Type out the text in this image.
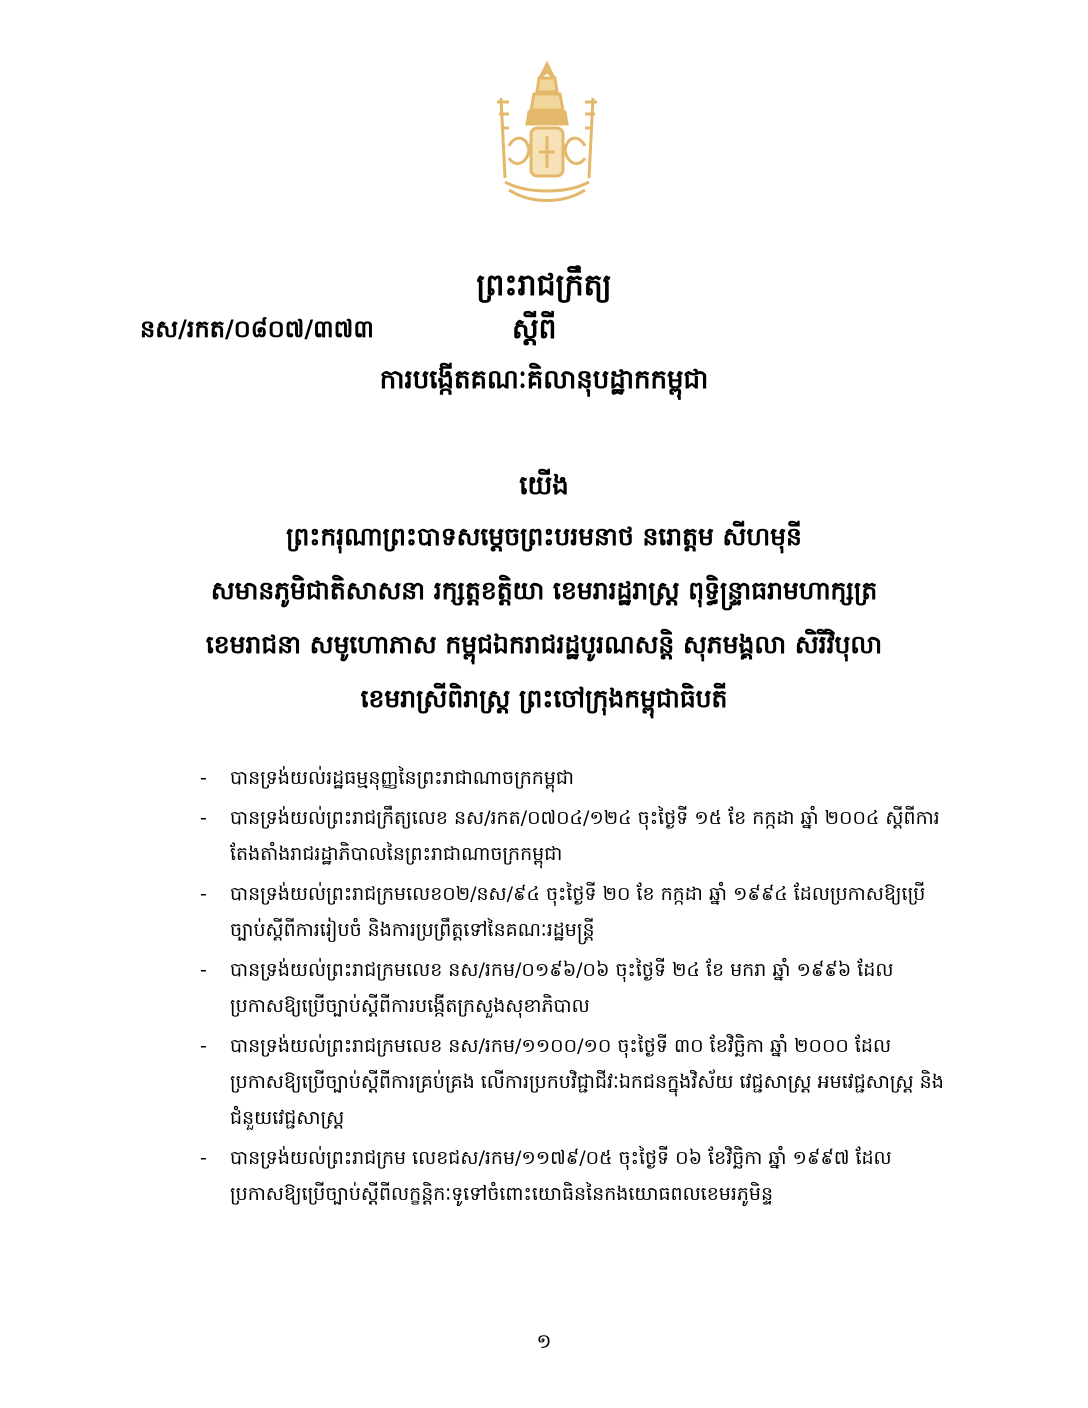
ព្រះរាជក្រឹត្យ
នស/រកត/០៨០៧/៣៧៣	ស្តីពី
ការបង្កើតគណៈគិលានុបដ្ឋាកកម្ពុជា
យើង
ព្រះករុណាព្រះបាទសម្តេចព្រះបរមនាថ នរោត្តម សីហមុនី
សមានភូមិជាតិសាសនា រក្សត្តខត្តិយា ខេមរារដ្ឋរាស្ត្រ ពុទ្ធិន្ទ្រាធរាមហាក្សត្រ
ខេមរាជនា សមូហោភាស កម្ពុជឯករាជរដ្ឋបូរណសន្តិ សុភមង្គលា សិរីវិបុលា
ខេមរាស្រីពិរាស្ត្រ ព្រះចៅក្រុងកម្ពុជាធិបតី
-	បានទ្រង់យល់រដ្ឋធម្មនុញ្ញនៃព្រះរាជាណាចក្រកម្ពុជា
-	បានទ្រង់យល់ព្រះរាជក្រឹត្យលេខ នស/រកត/០៧០៤/១២៤ ចុះថ្ងៃទី ១៥ ខែ កក្កដា ឆ្នាំ ២០០៤ ស្តីពីការតែងតាំងរាជរដ្ឋាភិបាលនៃព្រះរាជាណាចក្រកម្ពុជា
-	បានទ្រង់យល់ព្រះរាជក្រមលេខ០២/នស/៩៤ ចុះថ្ងៃទី ២០ ខែ កក្កដា ឆ្នាំ ១៩៩៤ ដែលប្រកាសឱ្យប្រើច្បាប់ស្តីពីការរៀបចំ និងការប្រព្រឹត្តទៅនៃគណៈរដ្ឋមន្ត្រី
-	បានទ្រង់យល់ព្រះរាជក្រមលេខ នស/រកម/០១៩៦/០៦ ចុះថ្ងៃទី ២៤ ខែ មករា ឆ្នាំ ១៩៩៦ ដែលប្រកាសឱ្យប្រើច្បាប់ស្តីពីការបង្កើតក្រសួងសុខាភិបាល
-	បានទ្រង់យល់ព្រះរាជក្រមលេខ នស/រកម/១១០០/១០ ចុះថ្ងៃទី ៣០ ខែវិច្ឆិកា ឆ្នាំ ២០០០ ដែលប្រកាសឱ្យប្រើច្បាប់ស្តីពីការគ្រប់គ្រង លើការប្រកបវិជ្ជាជីវៈឯកជនក្នុងវិស័យ វេជ្ជសាស្ត្រ អមវេជ្ជសាស្ត្រ និង ជំនួយវេជ្ជសាស្ត្រ
-	បានទ្រង់យល់ព្រះរាជក្រម លេខជស/រកម/១១៧៩/០៥ ចុះថ្ងៃទី ០៦ ខែវិច្ឆិកា ឆ្នាំ ១៩៩៧ ដែលប្រកាសឱ្យប្រើច្បាប់ស្តីពីលក្ខន្តិកៈទូទៅចំពោះយោធិននៃកងយោធពលខេមរភូមិន្ទ
១
